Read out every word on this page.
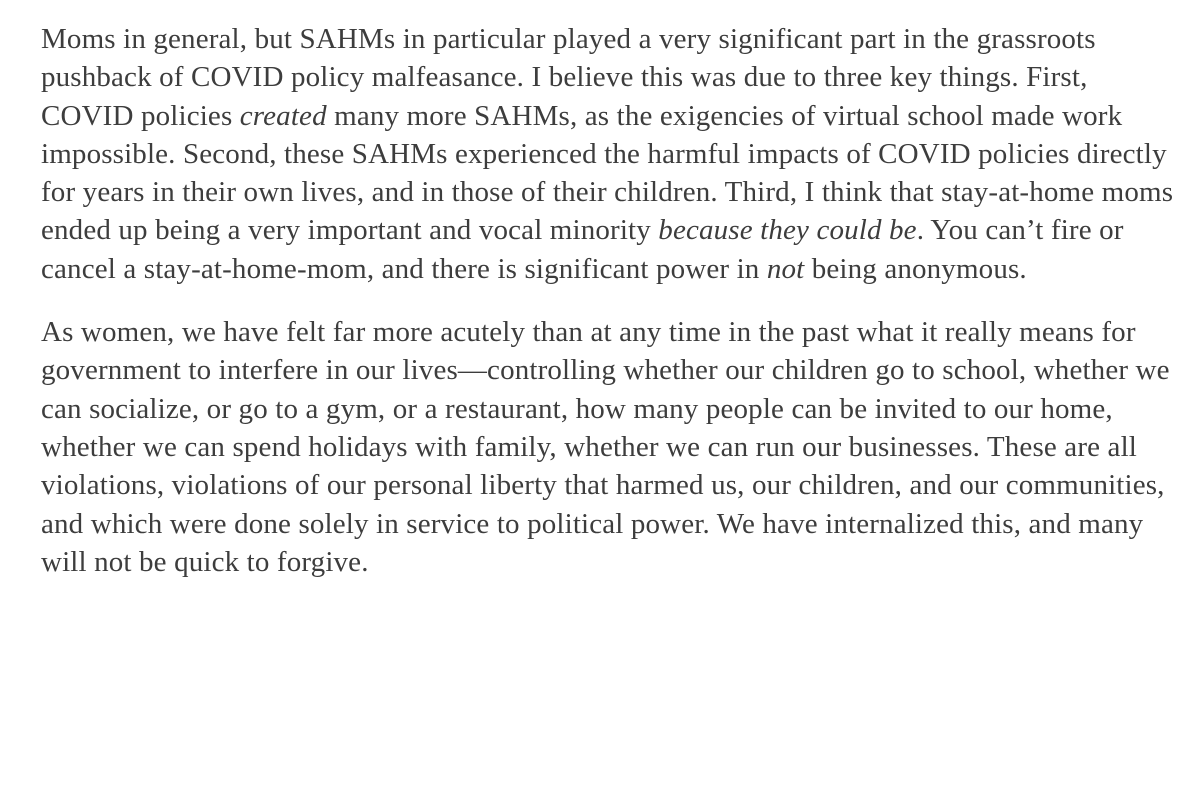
Moms in general, but SAHMs in particular played a very significant part in the grassroots pushback of COVID policy malfeasance. I believe this was due to three key things. First, COVID policies created many more SAHMs, as the exigencies of virtual school made work impossible. Second, these SAHMs experienced the harmful impacts of COVID policies directly for years in their own lives, and in those of their children. Third, I think that stay-at-home moms ended up being a very important and vocal minority because they could be. You can’t fire or cancel a stay-at-home-mom, and there is significant power in not being anonymous.

As women, we have felt far more acutely than at any time in the past what it really means for government to interfere in our lives—controlling whether our children go to school, whether we can socialize, or go to a gym, or a restaurant, how many people can be invited to our home, whether we can spend holidays with family, whether we can run our businesses. These are all violations, violations of our personal liberty that harmed us, our children, and our communities, and which were done solely in service to political power. We have internalized this, and many will not be quick to forgive.
